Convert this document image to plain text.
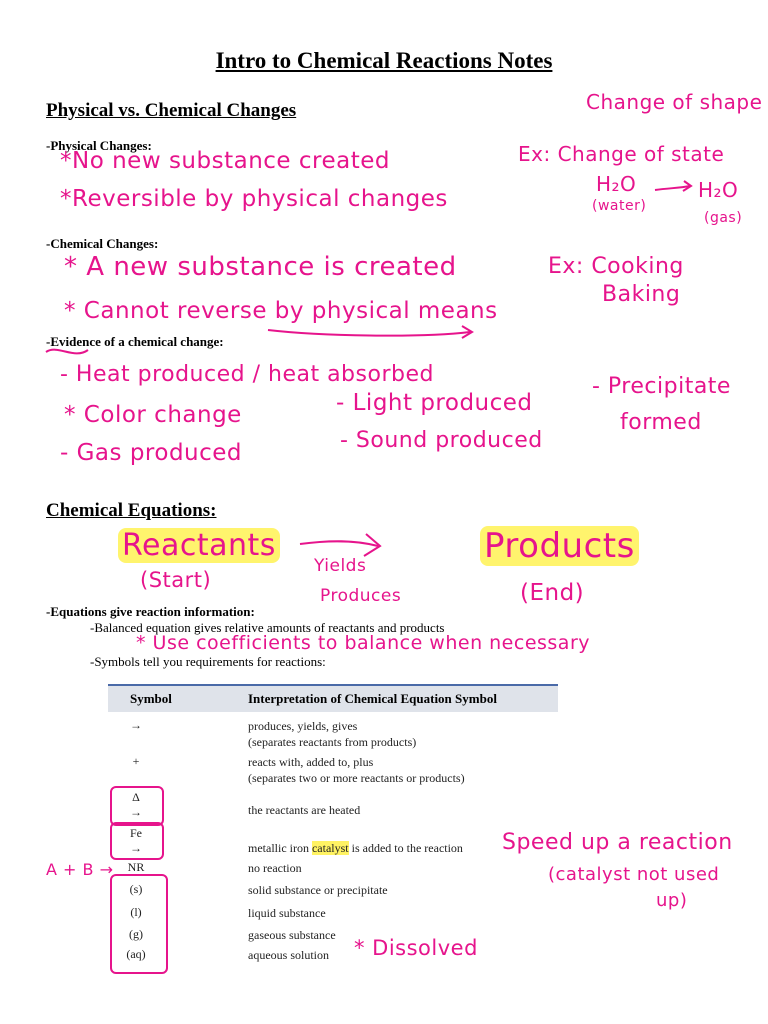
Intro to Chemical Reactions Notes
Physical vs. Chemical Changes
-Physical Changes:
*No new substance created
*Reversible by physical changes
-Chemical Changes:
* A new substance is created
* Cannot reverse by physical means
-Evidence of a chemical change:
- Heat produced / heat absorbed
* Color change	- Light produced
- Precipitate
formed
- Gas produced	- Sound produced
Change of shape
Ex: Change of state
H₂O
(water)
H₂O
(gas)
Ex: Cooking
Baking
Chemical Equations:
Reactants
(Start)
Yields
Produces
Products
(End)
-Equations give reaction information:
-Balanced equation gives relative amounts of reactants and products
* Use coefficients to balance when necessary
-Symbols tell you requirements for reactions:
Symbol	Interpretation of Chemical Equation Symbol
→	produces, yields, gives
(separates reactants from products)
+	reacts with, added to, plus
(separates two or more reactants or products)
Δ
→	the reactants are heated
Fe
→	metallic iron catalyst is added to the reaction
NR	no reaction
(s)	solid substance or precipitate
(l)	liquid substance
(g)	gaseous substance
(aq)	aqueous solution
A + B →
Speed up a reaction
(catalyst not used
up)
* Dissolved
